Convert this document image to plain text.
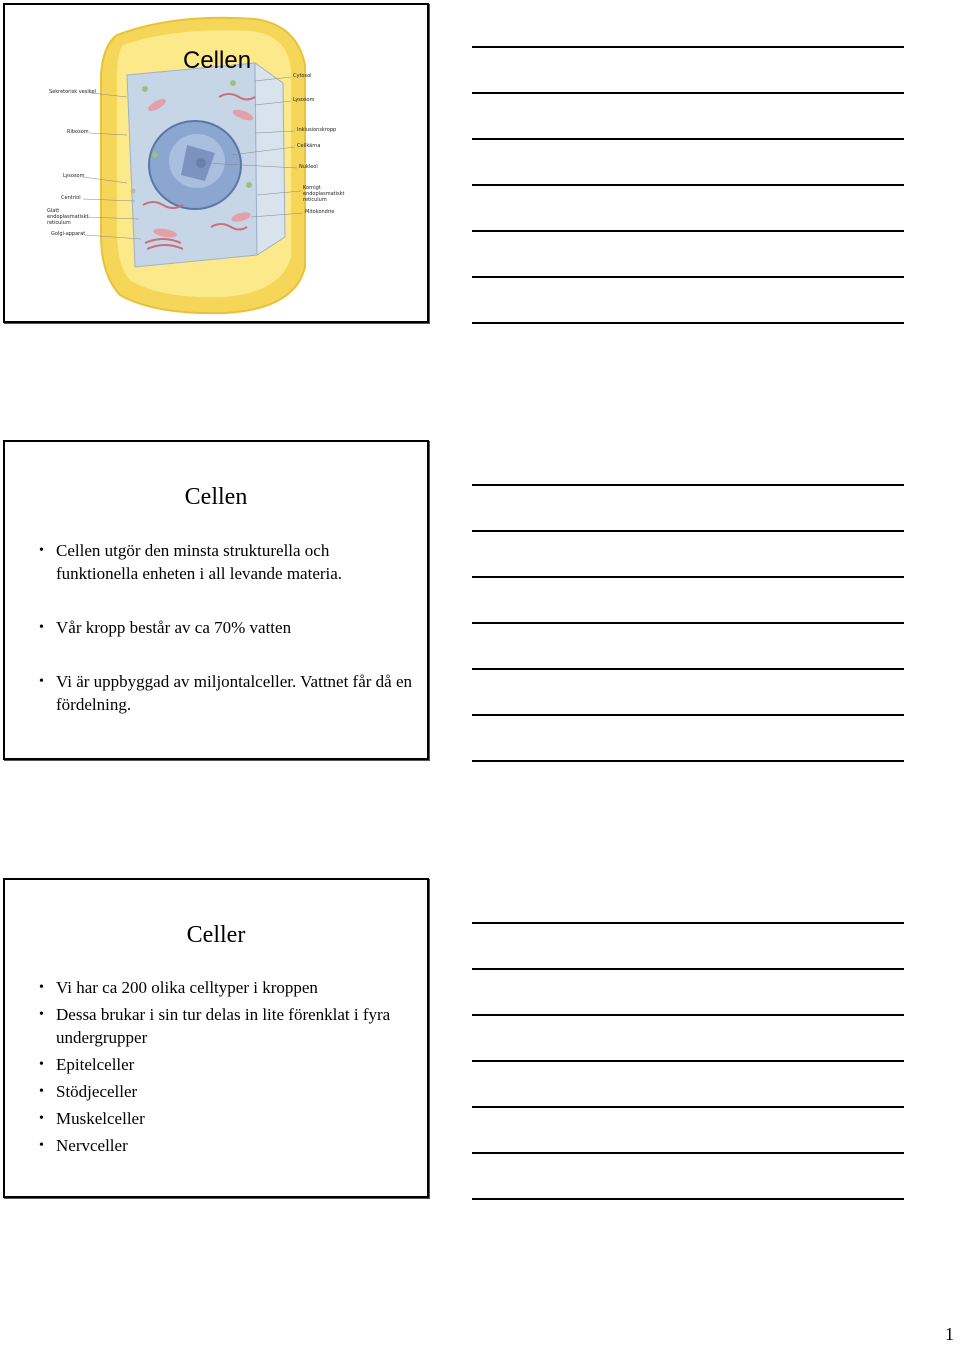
Cellen
Sekretorisk vesikel
Ribosom
Lysosom
Centriol
Glatt endoplasmatiskt reticulum
Golgi-apparat
Cytosol
Lysosom
Inklusionskropp
Cellkärna
Nukleol
Kornigt endoplasmatiskt reticulum
Mitokondrie
Cellen
• Cellen utgör den minsta strukturella och funktionella enheten i all levande materia.
• Vår kropp består av ca 70% vatten
• Vi är uppbyggad av miljontalceller. Vattnet får då en fördelning.
Celler
• Vi har ca 200 olika celltyper i kroppen
• Dessa brukar i sin tur delas in lite förenklat i fyra undergrupper
• Epitelceller
• Stödjeceller
• Muskelceller
• Nervceller
1
